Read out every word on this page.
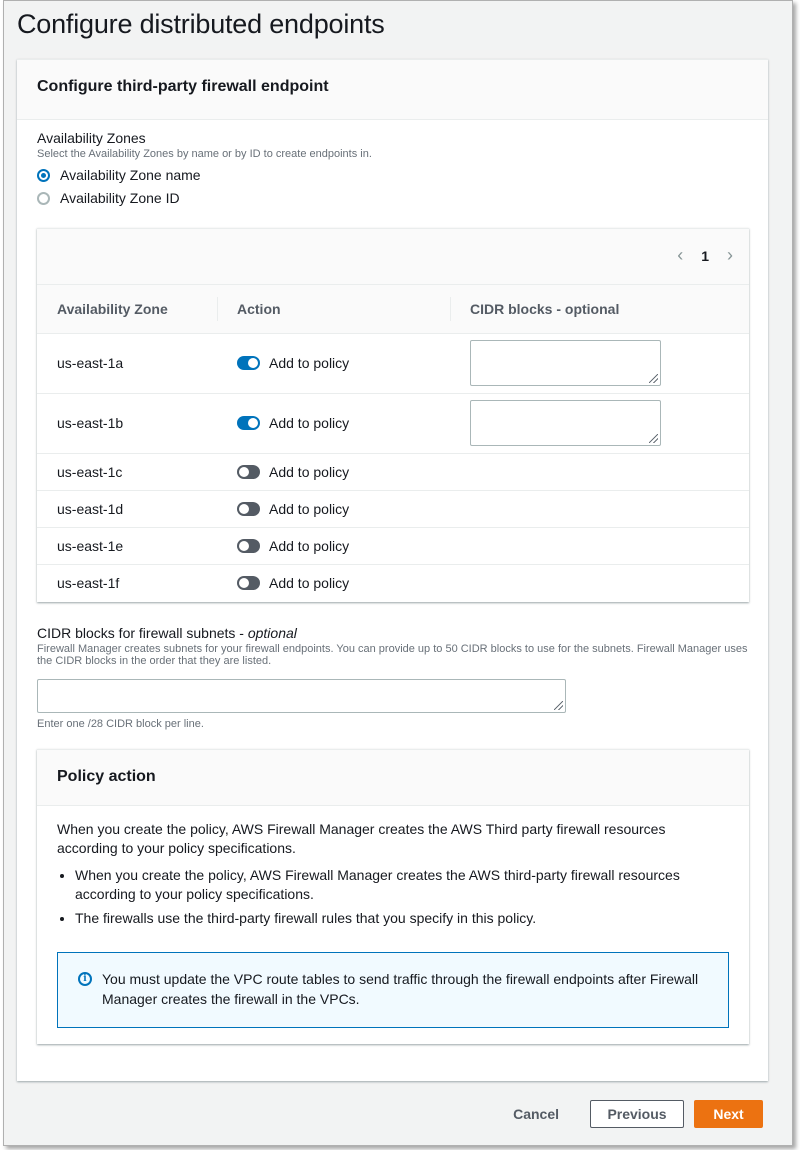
Configure distributed endpoints
Configure third-party firewall endpoint
Availability Zones
Select the Availability Zones by name or by ID to create endpoints in.
Availability Zone name
Availability Zone ID
‹ 1 ›
Availability Zone	Action	CIDR blocks - optional
us-east-1a	Add to policy	

us-east-1b	Add to policy	

us-east-1c	Add to policy	

us-east-1d	Add to policy	

us-east-1e	Add to policy	

us-east-1f	Add to policy	

CIDR blocks for firewall subnets - optional
Firewall Manager creates subnets for your firewall endpoints. You can provide up to 50 CIDR blocks to use for the subnets. Firewall Manager uses the CIDR blocks in the order that they are listed.
Enter one /28 CIDR block per line.
Policy action

When you create the policy, AWS Firewall Manager creates the AWS Third party firewall resources according to your policy specifications.

• When you create the policy, AWS Firewall Manager creates the AWS third-party firewall resources according to your policy specifications.
• The firewalls use the third-party firewall rules that you specify in this policy.
i	You must update the VPC route tables to send traffic through the firewall endpoints after Firewall Manager creates the firewall in the VPCs.
Cancel	Previous	Next
